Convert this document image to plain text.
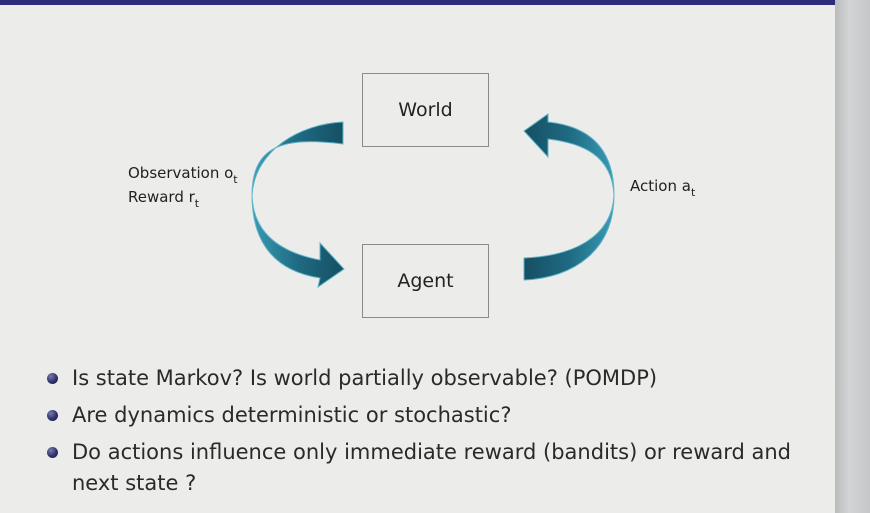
World
Agent
Observation $o_t$
Reward $r_t$
Action $a_t$
Is state Markov? Is world partially observable? (POMDP)
Are dynamics deterministic or stochastic?
Do actions influence only immediate reward (bandits) or reward and next state ?
